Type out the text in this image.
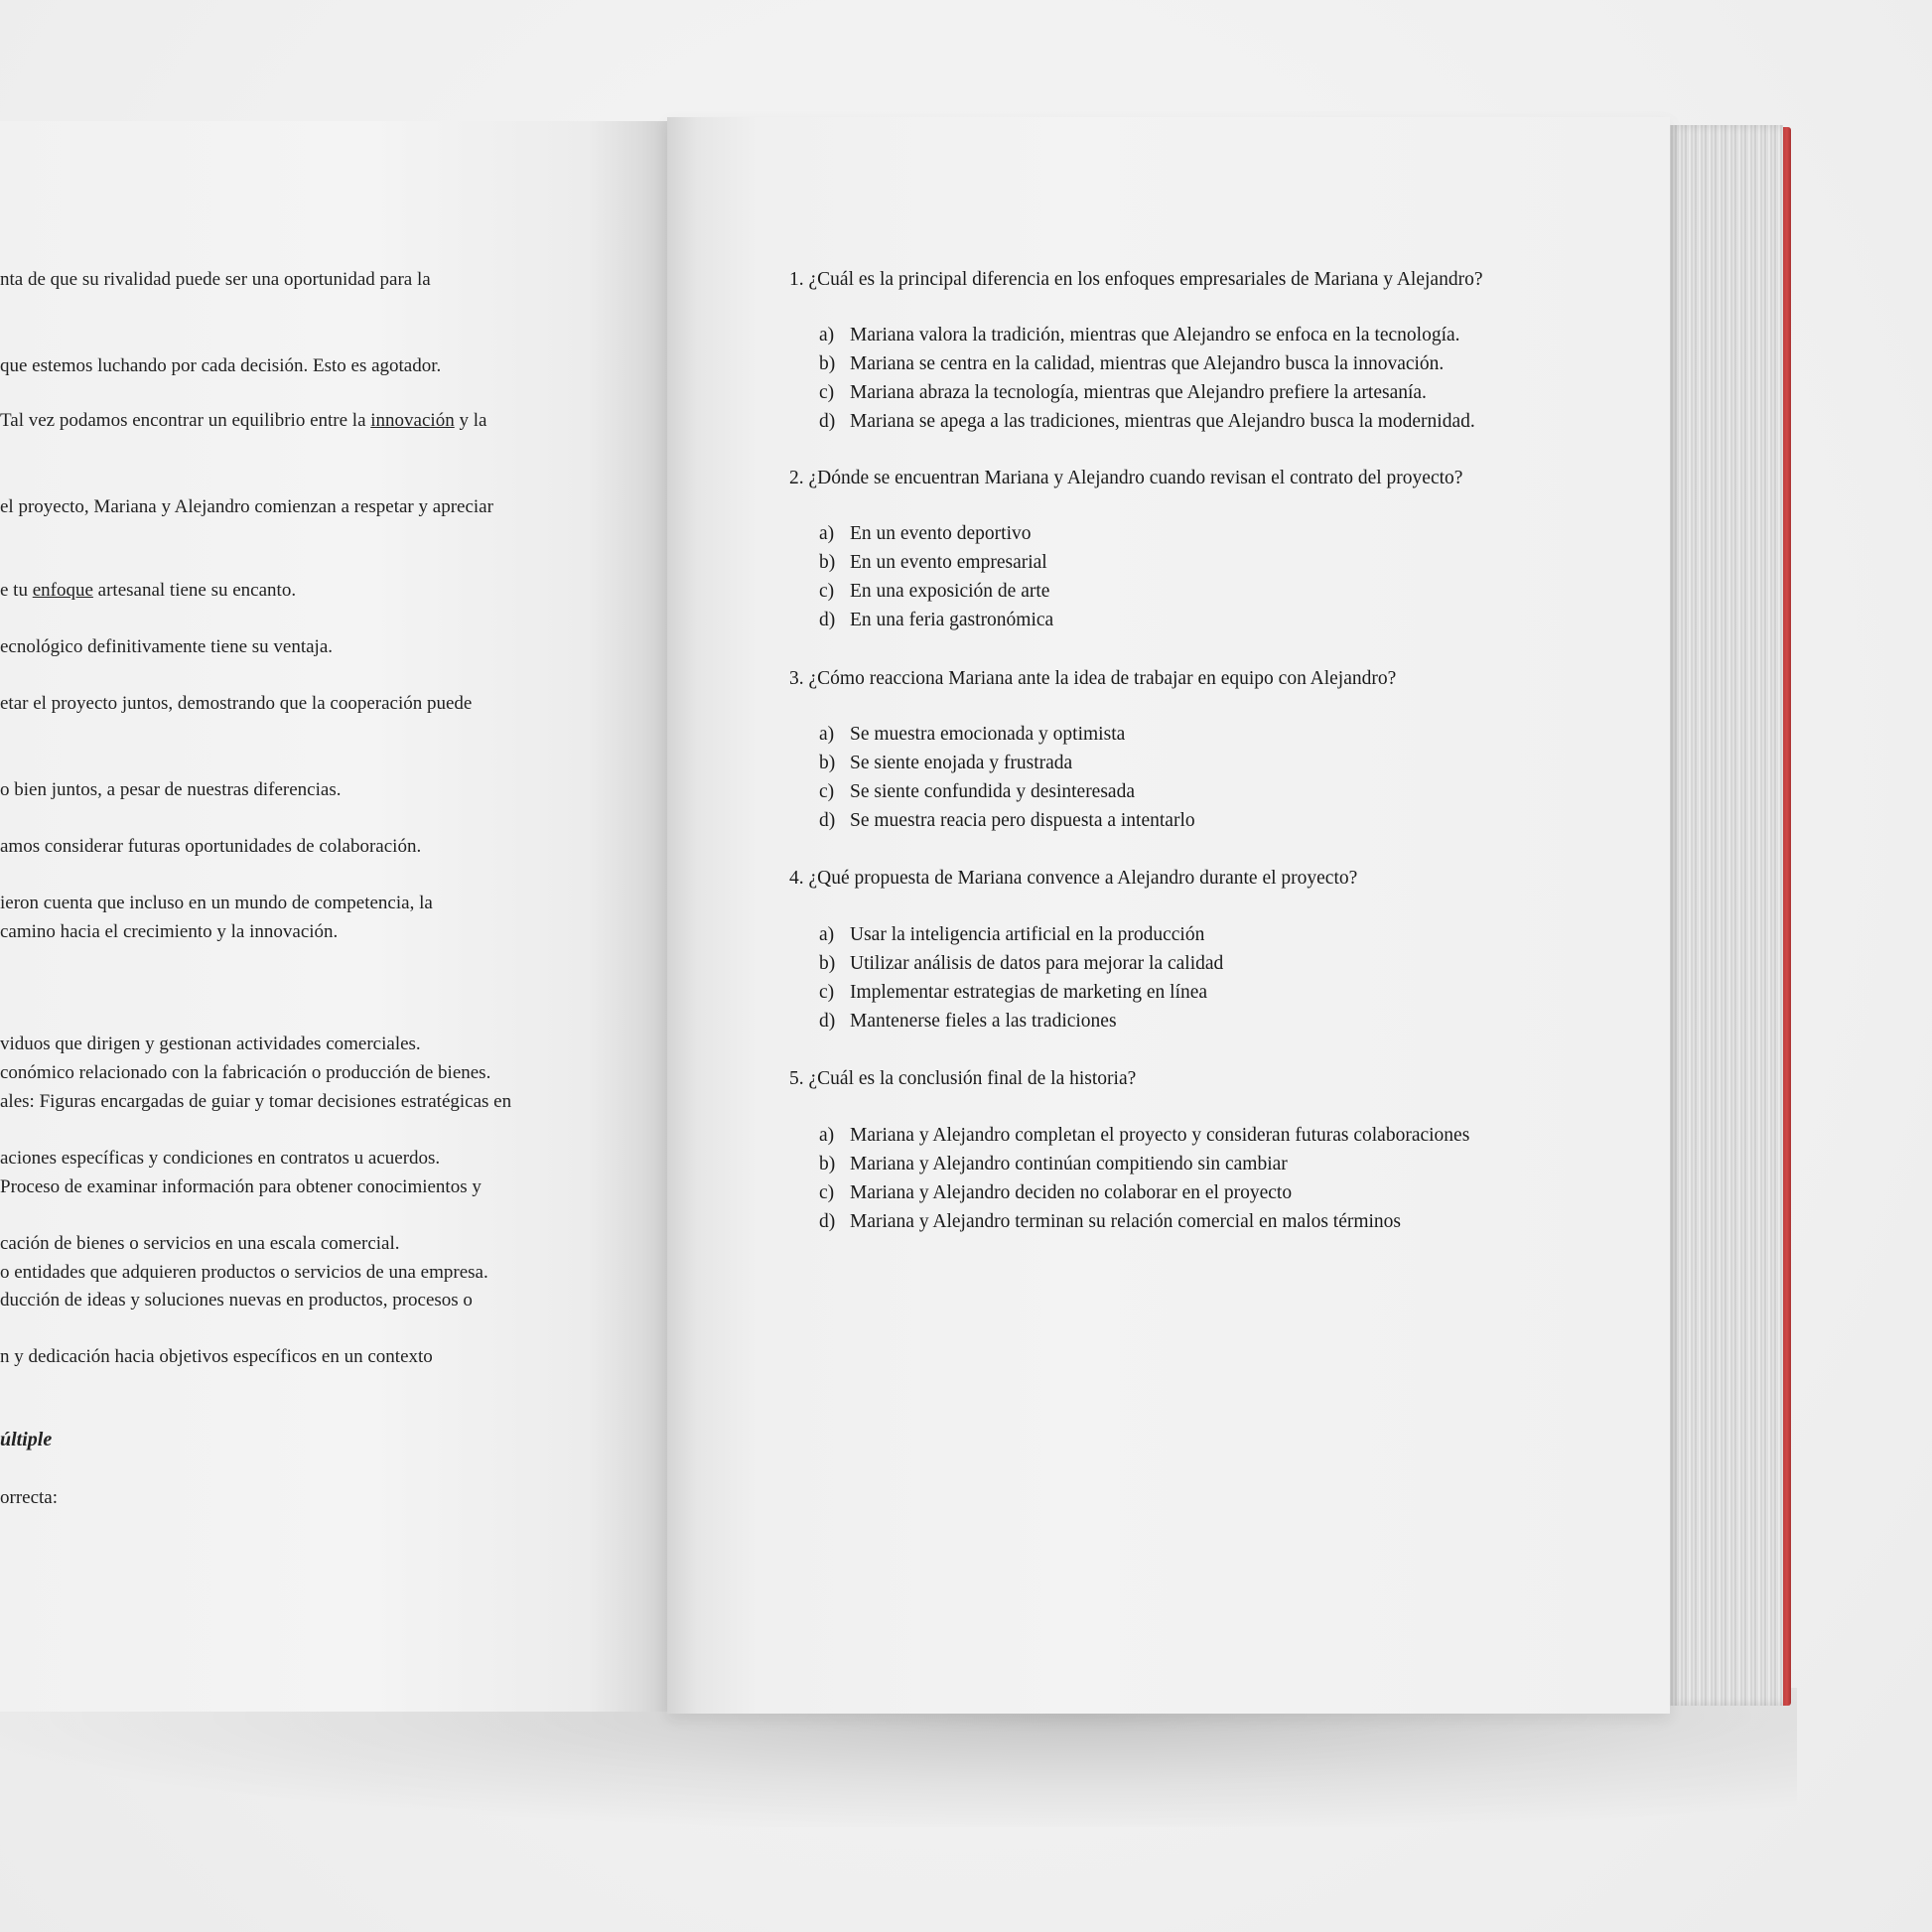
nta de que su rivalidad puede ser una oportunidad para la
que estemos luchando por cada decisión. Esto es agotador.
Tal vez podamos encontrar un equilibrio entre la innovación y la
el proyecto, Mariana y Alejandro comienzan a respetar y apreciar
e tu enfoque artesanal tiene su encanto.
ecnológico definitivamente tiene su ventaja.
etar el proyecto juntos, demostrando que la cooperación puede
o bien juntos, a pesar de nuestras diferencias.
amos considerar futuras oportunidades de colaboración.
ieron cuenta que incluso en un mundo de competencia, la
camino hacia el crecimiento y la innovación.
viduos que dirigen y gestionan actividades comerciales.
conómico relacionado con la fabricación o producción de bienes.
ales: Figuras encargadas de guiar y tomar decisiones estratégicas en
aciones específicas y condiciones en contratos u acuerdos.
Proceso de examinar información para obtener conocimientos y
cación de bienes o servicios en una escala comercial.
o entidades que adquieren productos o servicios de una empresa.
ducción de ideas y soluciones nuevas en productos, procesos o
n y dedicación hacia objetivos específicos en un contexto
últiple
orrecta:
1. ¿Cuál es la principal diferencia en los enfoques empresariales de Mariana y Alejandro?
a) Mariana valora la tradición, mientras que Alejandro se enfoca en la tecnología.
b) Mariana se centra en la calidad, mientras que Alejandro busca la innovación.
c) Mariana abraza la tecnología, mientras que Alejandro prefiere la artesanía.
d) Mariana se apega a las tradiciones, mientras que Alejandro busca la modernidad.
2. ¿Dónde se encuentran Mariana y Alejandro cuando revisan el contrato del proyecto?
a) En un evento deportivo
b) En un evento empresarial
c) En una exposición de arte
d) En una feria gastronómica
3. ¿Cómo reacciona Mariana ante la idea de trabajar en equipo con Alejandro?
a) Se muestra emocionada y optimista
b) Se siente enojada y frustrada
c) Se siente confundida y desinteresada
d) Se muestra reacia pero dispuesta a intentarlo
4. ¿Qué propuesta de Mariana convence a Alejandro durante el proyecto?
a) Usar la inteligencia artificial en la producción
b) Utilizar análisis de datos para mejorar la calidad
c) Implementar estrategias de marketing en línea
d) Mantenerse fieles a las tradiciones
5. ¿Cuál es la conclusión final de la historia?
a) Mariana y Alejandro completan el proyecto y consideran futuras colaboraciones
b) Mariana y Alejandro continúan compitiendo sin cambiar
c) Mariana y Alejandro deciden no colaborar en el proyecto
d) Mariana y Alejandro terminan su relación comercial en malos términos
